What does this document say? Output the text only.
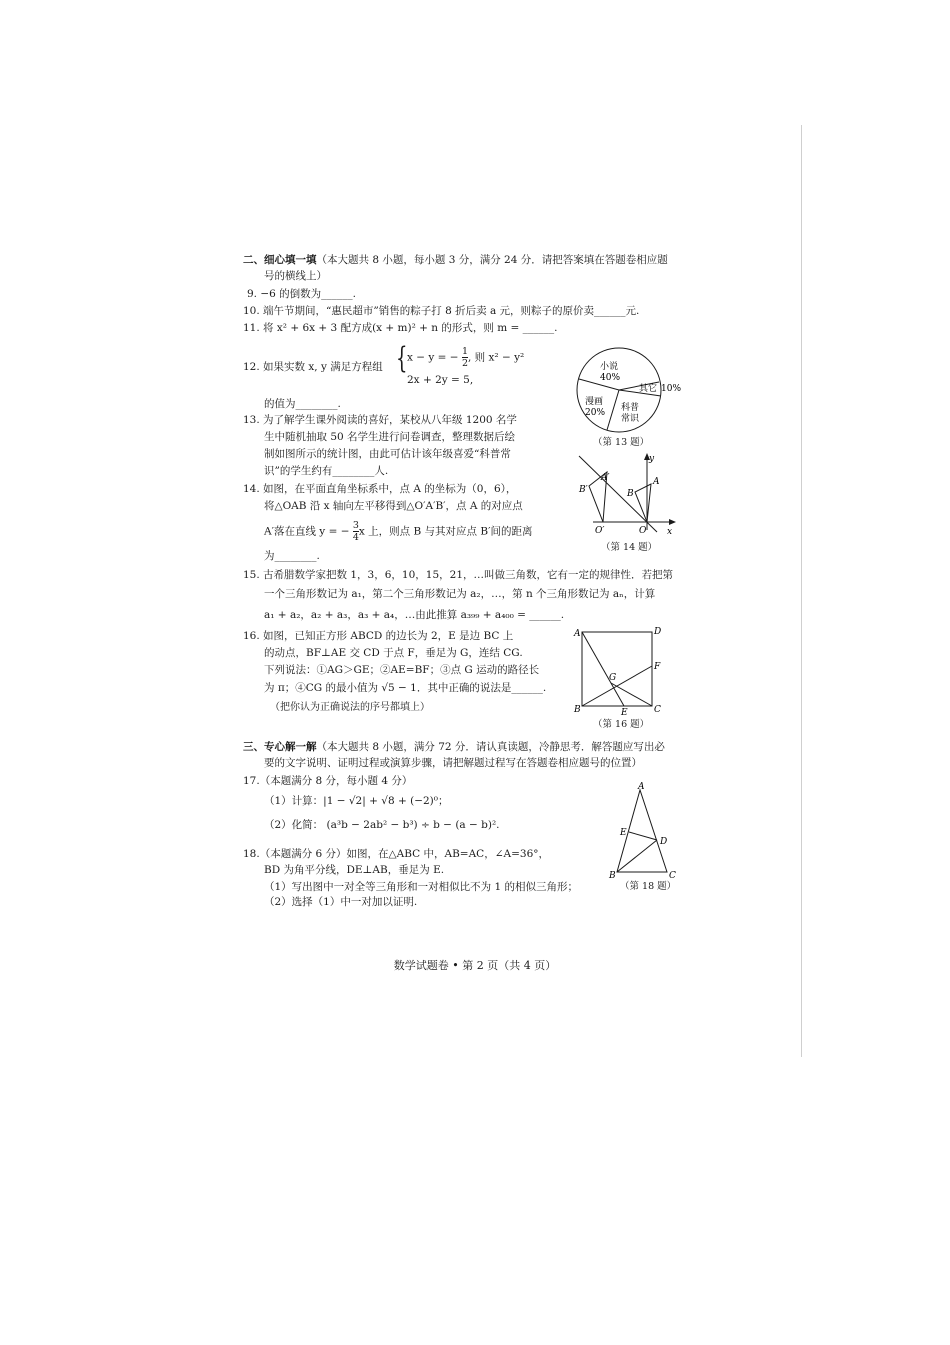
二、细心填一填（本大题共 8 小题，每小题 3 分，满分 24 分．请把答案填在答题卷相应题
号的横线上）
9. −6 的倒数为______.
10. 端午节期间，“惠民超市”销售的粽子打 8 折后卖 a 元，则粽子的原价卖______元.
11. 将 x² + 6x + 3 配方成(x + m)² + n 的形式，则 m = ______.
12. 如果实数 x, y 满足方程组 { x − y = − $\frac{1}{2}$ , 则 x² − y²
2x + 2y = 5,
的值为________.
小说
40%
其它 10%
漫画
20% 科普
常识
（第 13 题）
13. 为了解学生课外阅读的喜好，某校从八年级 1200 名学
生中随机抽取 50 名学生进行问卷调查，整理数据后绘
制如图所示的统计图，由此可估计该年级喜爱“科普常
识”的学生约有________人.
y
x
A′	A
B′	B
O′	O
（第 14 题）
14. 如图，在平面直角坐标系中，点 A 的坐标为（0，6），
将△OAB 沿 x 轴向左平移得到△O′A′B′，点 A 的对应点
A′落在直线 y = − $\frac{3}{4}$ x 上，则点 B 与其对应点 B′间的距离
为________.
15. 古希腊数学家把数 1，3，6，10，15，21，…叫做三角数，它有一定的规律性．若把第
一个三角形数记为 a₁，第二个三角形数记为 a₂，…，第 n 个三角形数记为 aₙ，计算
a₁ + a₂，a₂ + a₃，a₃ + a₄，…由此推算 a₃₉₉ + a₄₀₀ = ______.
16. 如图，已知正方形 ABCD 的边长为 2，E 是边 BC 上
的动点，BF⊥AE 交 CD 于点 F，垂足为 G，连结 CG.
下列说法：①AG＞GE；②AE=BF；③点 G 运动的路径长
为 π；④CG 的最小值为 √5 − 1．其中正确的说法是______.
（把你认为正确说法的序号都填上）
A	D
F
G
B	E	C
（第 16 题）
三、专心解一解（本大题共 8 小题，满分 72 分．请认真读题，冷静思考．解答题应写出必
要的文字说明、证明过程或演算步骤，请把解题过程写在答题卷相应题号的位置）
17.（本题满分 8 分，每小题 4 分）
（1）计算：|1 − √2| + √8 + (−2)⁰；
（2）化简： (a³b − 2ab² − b³) ÷ b − (a − b)².
18.（本题满分 6 分）如图，在△ABC 中，AB=AC，∠A=36°，
BD 为角平分线，DE⊥AB，垂足为 E.
（1）写出图中一对全等三角形和一对相似比不为 1 的相似三角形；
（2）选择（1）中一对加以证明.
A
E
D
B	C
（第 18 题）
数学试题卷 • 第 2 页（共 4 页）
